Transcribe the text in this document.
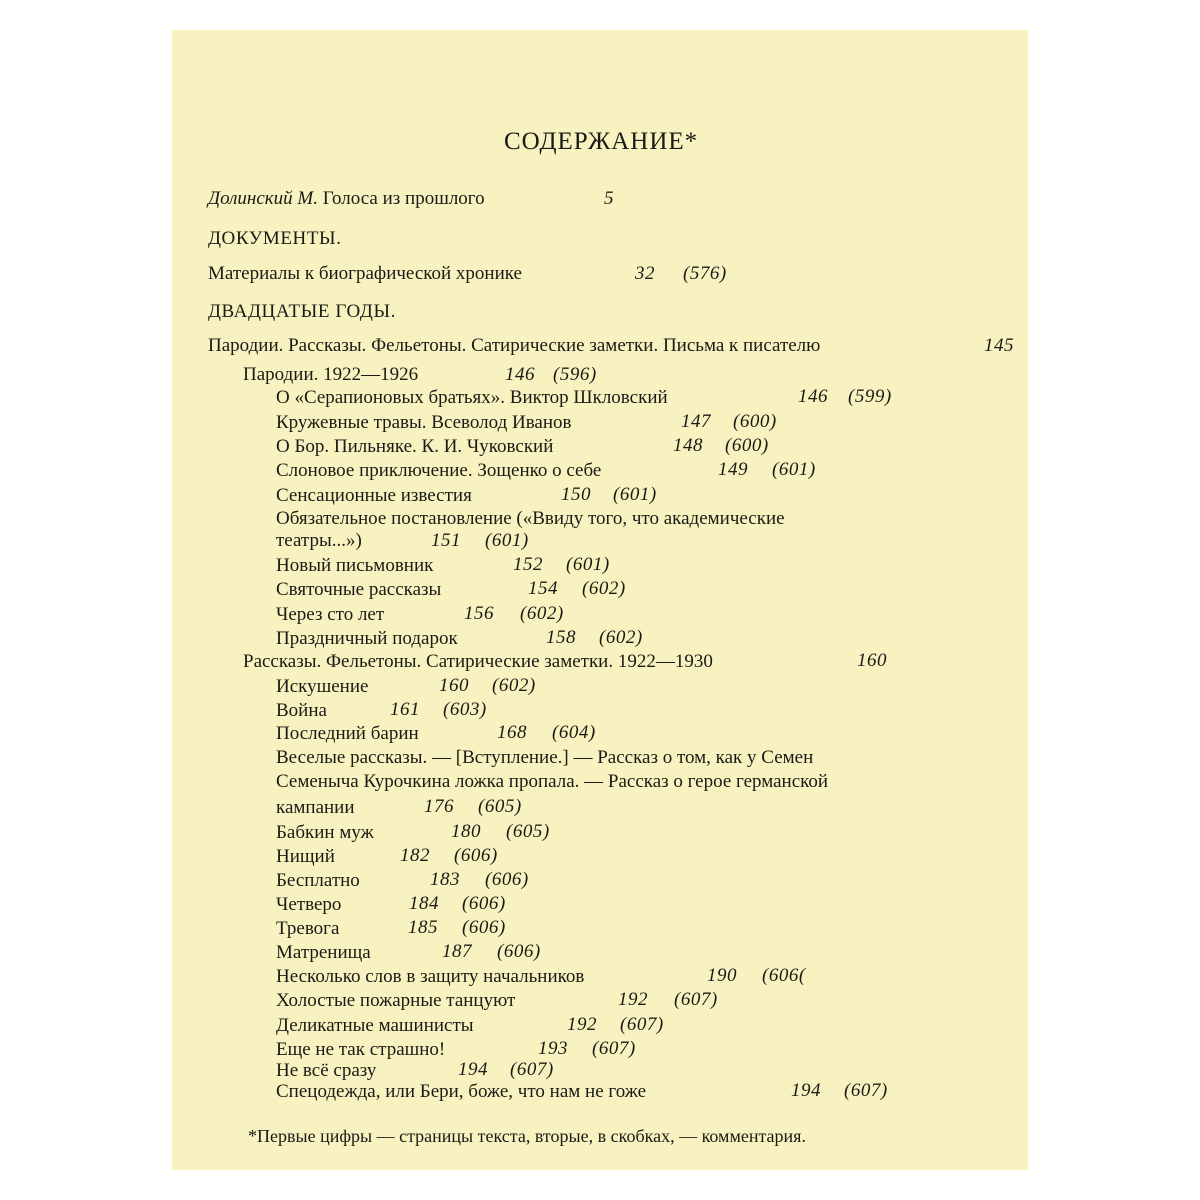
СОДЕРЖАНИЕ*
Долинский М. Голоса из прошлого	5
ДОКУМЕНТЫ.
Материалы к биографической хронике	32 (576)
ДВАДЦАТЫЕ ГОДЫ.
Пародии. Рассказы. Фельетоны. Сатирические заметки. Письма к писателю	145
Пародии. 1922—1926	146 (596)
О «Серапионовых братьях». Виктор Шкловский	146 (599)
Кружевные травы. Всеволод Иванов	147 (600)
О Бор. Пильняке. К. И. Чуковский	148 (600)
Слоновое приключение. Зощенко о себе	149 (601)
Сенсационные известия	150 (601)
Обязательное постановление («Ввиду того, что академические
театры...»)	151 (601)
Новый письмовник	152 (601)
Святочные рассказы	154 (602)
Через сто лет	156 (602)
Праздничный подарок	158 (602)
Рассказы. Фельетоны. Сатирические заметки. 1922—1930	160
Искушение	160 (602)
Война	161 (603)
Последний барин	168 (604)
Веселые рассказы. — [Вступление.] — Рассказ о том, как у Семен
Семеныча Курочкина ложка пропала. — Рассказ о герое германской
кампании	176 (605)
Бабкин муж	180 (605)
Нищий	182 (606)
Бесплатно	183 (606)
Четверо	184 (606)
Тревога	185 (606)
Матренища	187 (606)
Несколько слов в защиту начальников	190 (606(
Холостые пожарные танцуют	192 (607)
Деликатные машинисты	192 (607)
Еще не так страшно!	193 (607)
Не всё сразу	194 (607)
Спецодежда, или Бери, боже, что нам не гоже	194 (607)
*Первые цифры — страницы текста, вторые, в скобках, — комментария.
